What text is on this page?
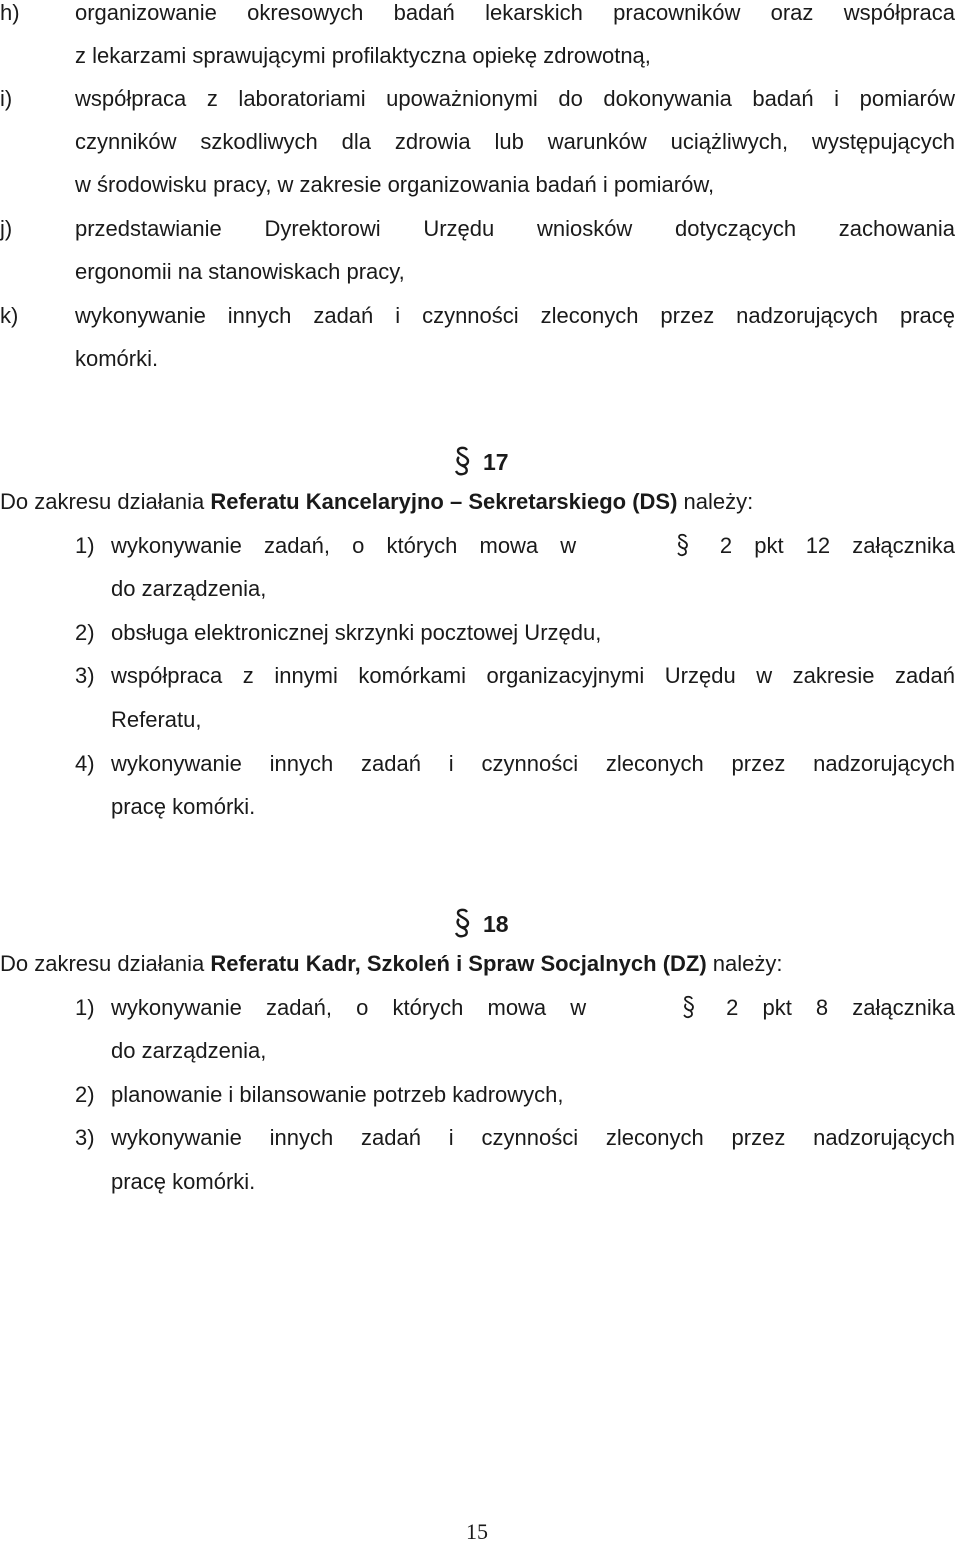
h)	organizowanie okresowych badań lekarskich pracowników oraz współpraca
z lekarzami sprawującymi profilaktyczna opiekę zdrowotną,
i)	współpraca z laboratoriami upoważnionymi do dokonywania badań i pomiarów
czynników szkodliwych dla zdrowia lub warunków uciążliwych, występujących
w środowisku pracy, w zakresie organizowania badań i pomiarów,
j)	przedstawianie Dyrektorowi Urzędu wniosków dotyczących zachowania
ergonomii na stanowiskach pracy,
k)	wykonywanie innych zadań i czynności zleconych przez nadzorujących pracę
komórki.
17
Do zakresu działania Referatu Kancelaryjno – Sekretarskiego (DS) należy:
1) wykonywanie zadań, o których mowa w	2 pkt 12 załącznika
do zarządzenia,
2) obsługa elektronicznej skrzynki pocztowej Urzędu,
3) współpraca z innymi komórkami organizacyjnymi Urzędu w zakresie zadań
Referatu,
4) wykonywanie innych zadań i czynności zleconych przez nadzorujących
pracę komórki.
18
Do zakresu działania Referatu Kadr, Szkoleń i Spraw Socjalnych (DZ) należy:
1) wykonywanie zadań, o których mowa w	2 pkt 8 załącznika
do zarządzenia,
2) planowanie i bilansowanie potrzeb kadrowych,
3) wykonywanie innych zadań i czynności zleconych przez nadzorujących
pracę komórki.
15
